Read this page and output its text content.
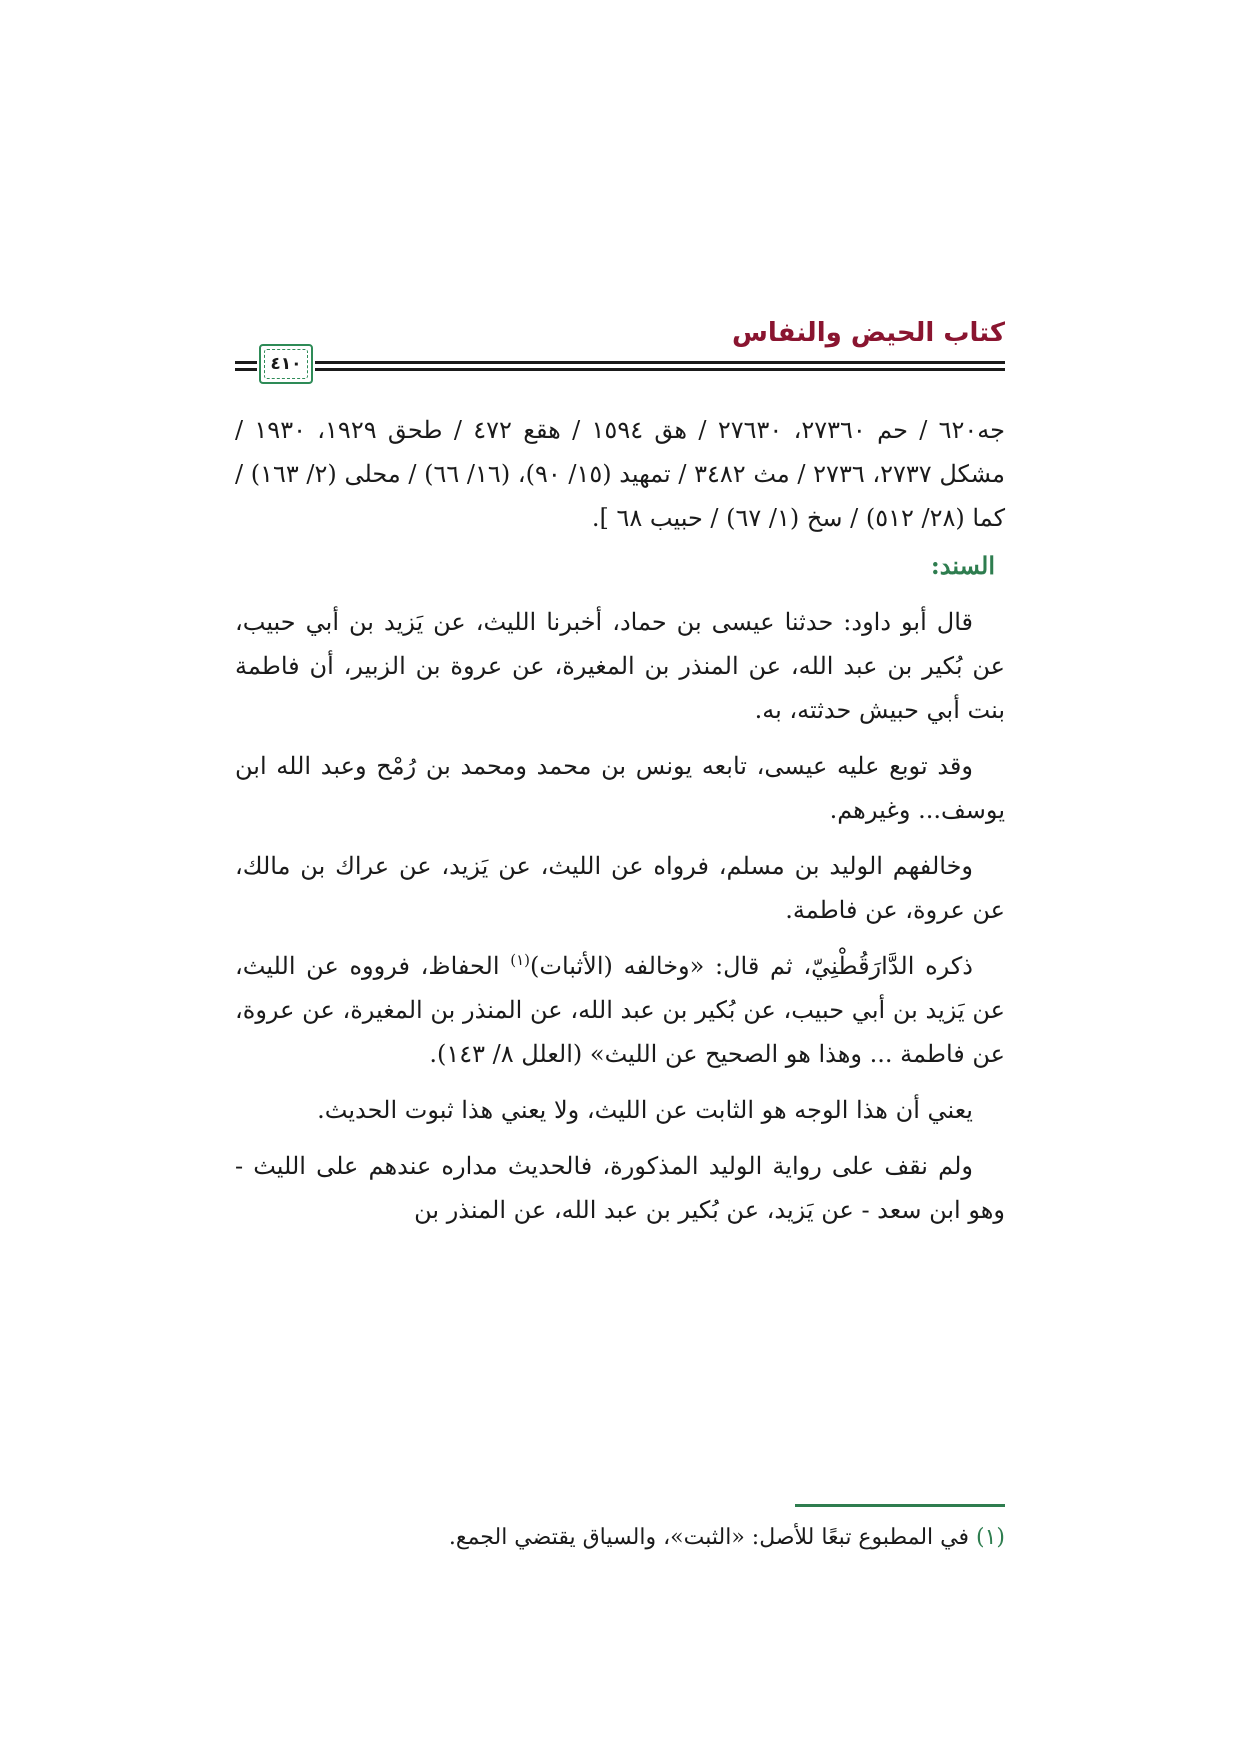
كتاب الحيض والنفاس
٤١٠

جه٦٢٠ / حم ٢٧٣٦٠، ٢٧٦٣٠ / هق ١٥٩٤ / هقع ٤٧٢ / طحق ١٩٢٩، ١٩٣٠ / مشكل ٢٧٣٧، ٢٧٣٦ / مث ٣٤٨٢ / تمهيد (١٥/ ٩٠)، (١٦/ ٦٦) / محلى (٢/ ١٦٣) / كما (٢٨/ ٥١٢) / سخ (١/ ٦٧) / حبيب ٦٨ ].

السند:

قال أبو داود: حدثنا عيسى بن حماد، أخبرنا الليث، عن يَزيد بن أبي حبيب، عن بُكير بن عبد الله، عن المنذر بن المغيرة، عن عروة بن الزبير، أن فاطمة بنت أبي حبيش حدثته، به.

وقد توبع عليه عيسى، تابعه يونس بن محمد ومحمد بن رُمْح وعبد الله ابن يوسف... وغيرهم.

وخالفهم الوليد بن مسلم، فرواه عن الليث، عن يَزيد، عن عراك بن مالك، عن عروة، عن فاطمة.

ذكره الدَّارَقُطْنِيّ، ثم قال: «وخالفه (الأثبات)$^{(١)}$ الحفاظ، فرووه عن الليث، عن يَزيد بن أبي حبيب، عن بُكير بن عبد الله، عن المنذر بن المغيرة، عن عروة، عن فاطمة ... وهذا هو الصحيح عن الليث» (العلل ٨/ ١٤٣).

يعني أن هذا الوجه هو الثابت عن الليث، ولا يعني هذا ثبوت الحديث.

ولم نقف على رواية الوليد المذكورة، فالحديث مداره عندهم على الليث - وهو ابن سعد - عن يَزيد، عن بُكير بن عبد الله، عن المنذر بن

(١) في المطبوع تبعًا للأصل: «الثبت»، والسياق يقتضي الجمع.
